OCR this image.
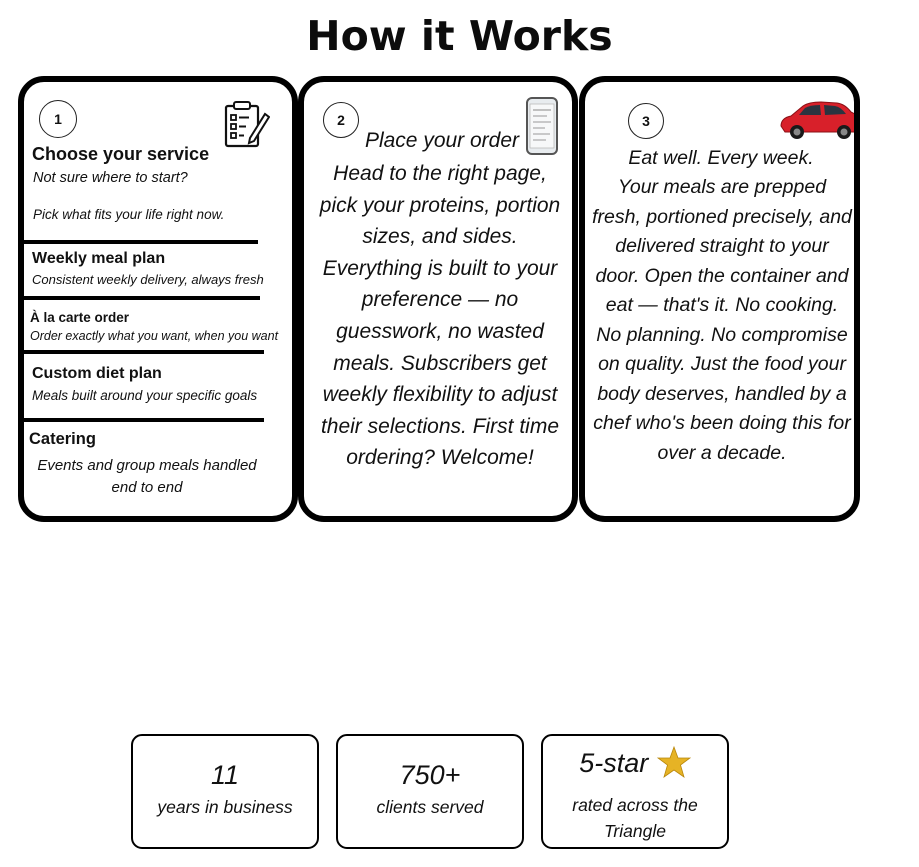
How it Works
1
Choose your service
Not sure where to start?
Pick what fits your life right now.
Weekly meal plan
Consistent weekly delivery, always fresh
À la carte order
Order exactly what you want, when you want
Custom diet plan
Meals built around your specific goals
Catering
Events and group meals handled end to end
2
Place your order
Head to the right page, pick your proteins, portion sizes, and sides. Everything is built to your preference — no guesswork, no wasted meals. Subscribers get weekly flexibility to adjust their selections. First time ordering? Welcome!
3
Eat well. Every week.
Your meals are prepped fresh, portioned precisely, and delivered straight to your door. Open the container and eat — that's it. No cooking. No planning. No compromise on quality. Just the food your body deserves, handled by a chef who's been doing this for over a decade.
11
years in business
750+
clients served
5-star
rated across the Triangle
